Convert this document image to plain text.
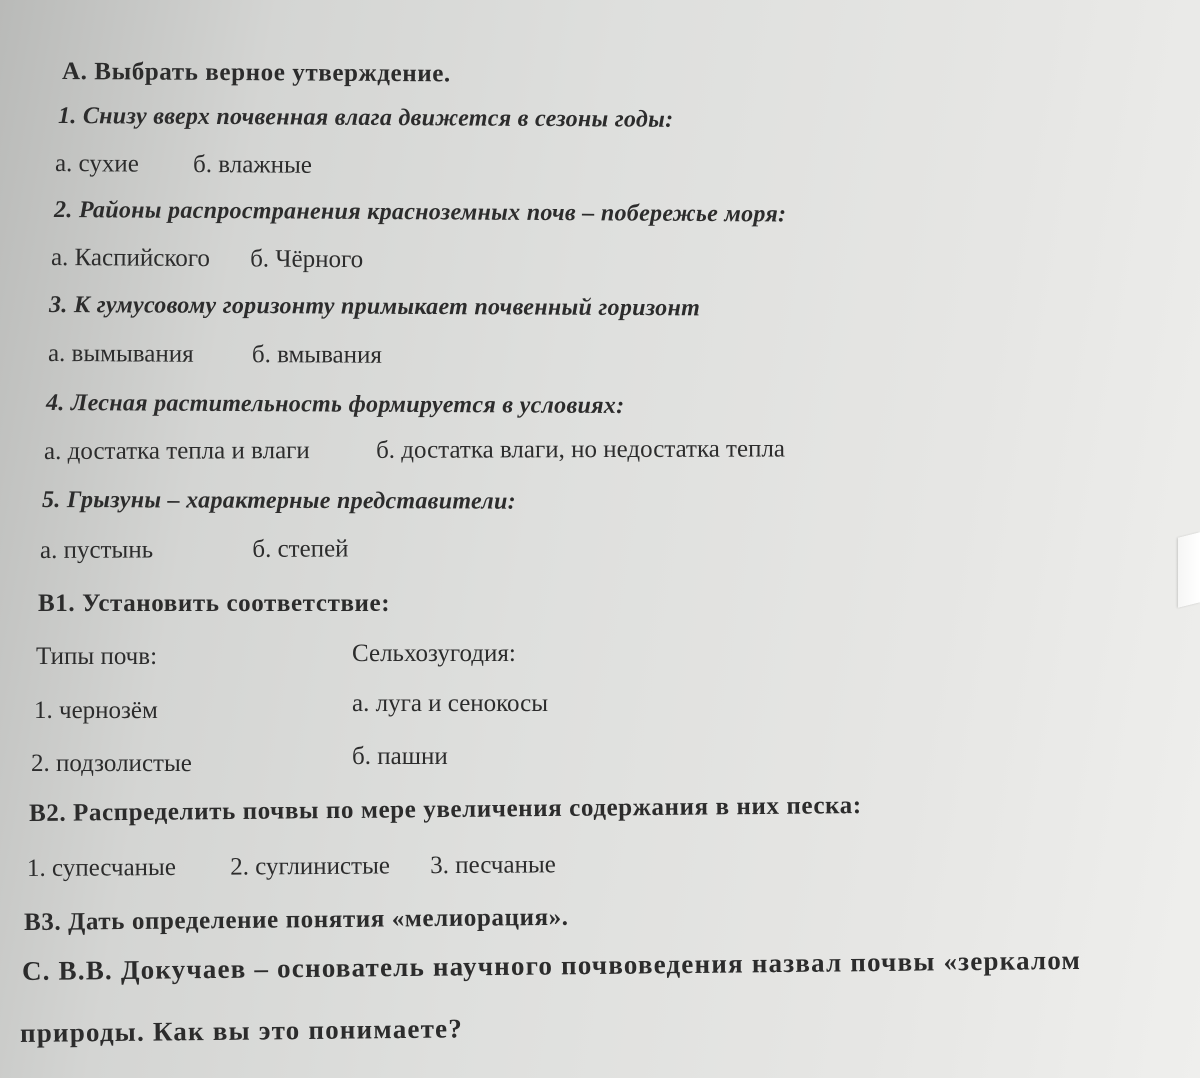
А. Выбрать верное утверждение.
1. Снизу вверх почвенная влага движется в сезоны годы:
а. сухие б. влажные
2. Районы распространения красноземных почв – побережье моря:
а. Каспийского б. Чёрного
3. К гумусовому горизонту примыкает почвенный горизонт
а. вымывания б. вмывания
4. Лесная растительность формируется в условиях:
а. достатка тепла и влаги	б. достатка влаги, но недостатка тепла
5. Грызуны – характерные представители:
а. пустынь	б. степей
В1. Установить соответствие:
Типы почв:	Сельхозугодия:
1. чернозём	а. луга и сенокосы
2. подзолистые	б. пашни
В2. Распределить почвы по мере увеличения содержания в них песка:
1. супесчаные 2. суглинистые 3. песчаные
В3. Дать определение понятия «мелиорация».
С. В.В. Докучаев – основатель научного почвоведения назвал почвы «зеркалом
природы. Как вы это понимаете?
